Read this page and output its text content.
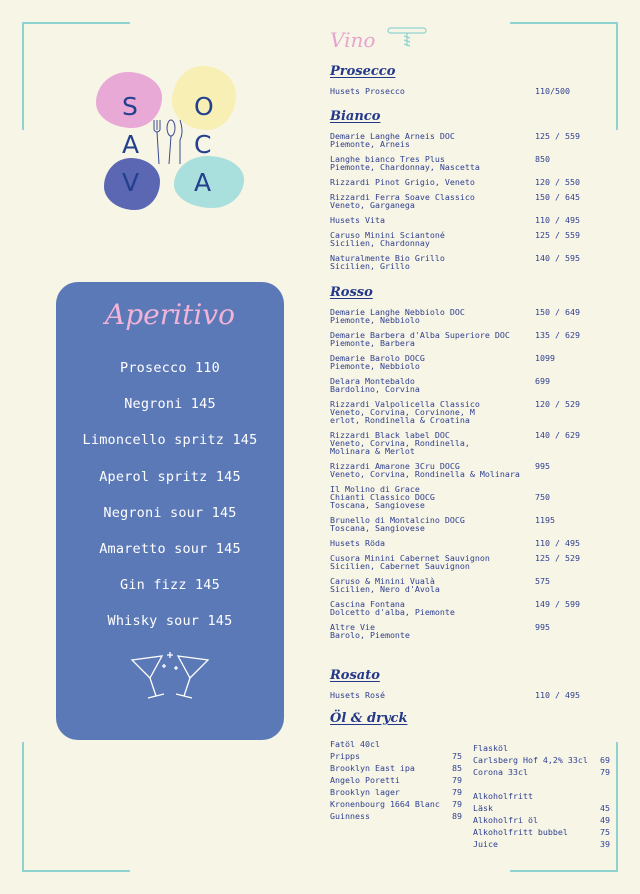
S O
A C
V A
Aperitivo
Prosecco 110
Negroni 145
Limoncello spritz 145
Aperol spritz 145
Negroni sour 145
Amaretto sour 145
Gin fizz 145
Whisky sour 145
Vino
Prosecco
Husets Prosecco	110/500
Bianco
Demarie Langhe Arneis DOC
Piemonte, Arneis
125 / 559
Langhe bianco Tres Plus
Piemonte, Chardonnay, Nascetta
850
Rizzardi Pinot Grigio, Veneto	120 / 550
Rizzardi Ferra Soave Classico
Veneto, Garganega
150 / 645
Husets Vita	110 / 495
Caruso Minini Sciantoné
Sicilien, Chardonnay
125 / 559
Naturalmente Bio Grillo
Sicilien, Grillo
140 / 595
Rosso
Demarie Langhe Nebbiolo DOC
Piemonte, Nebbiolo
150 / 649
Demarie Barbera d'Alba Superiore DOC
Piemonte, Barbera
135 / 629
Demarie Barolo DOCG
Piemonte, Nebbiolo
1099
Delara Montebaldo
Bardolino, Corvina
699
Rizzardi Valpolicella Classico
Veneto, Corvina, Corvinone, M
erlot, Rondinella & Croatina
120 / 529
Rizzardi Black label DOC
Veneto, Corvina, Rondinella,
Molinara & Merlot
140 / 629
Rizzardi Amarone 3Cru DOCG
Veneto, Corvina, Rondinella & Molinara
995
Il Molino di Grace
Chianti Classico DOCG
Toscana, Sangiovese
750
Brunello di Montalcino DOCG
Toscana, Sangiovese
1195
Husets Röda	110 / 495
Cusora Minini Cabernet Sauvignon
Sicilien, Cabernet Sauvignon
125 / 529
Caruso & Minini Vualà
Sicilien, Nero d'Avola
575
Cascina Fontana
Dolcetto d'alba, Piemonte
149 / 599
Altre Vie
Barolo, Piemonte
995
Rosato
Husets Rosé	110 / 495
Öl & dryck
Fatöl 40cl
Pripps	75
Brooklyn East ipa	85
Angelo Poretti	79
Brooklyn lager	79
Kronenbourg 1664 Blanc 79
Guinness	89
Flasköl
Carlsberg Hof 4,2% 33cl 69
Corona 33cl	79
Alkoholfritt
Läsk	45
Alkoholfri öl	49
Alkoholfritt bubbel	75
Juice	39
